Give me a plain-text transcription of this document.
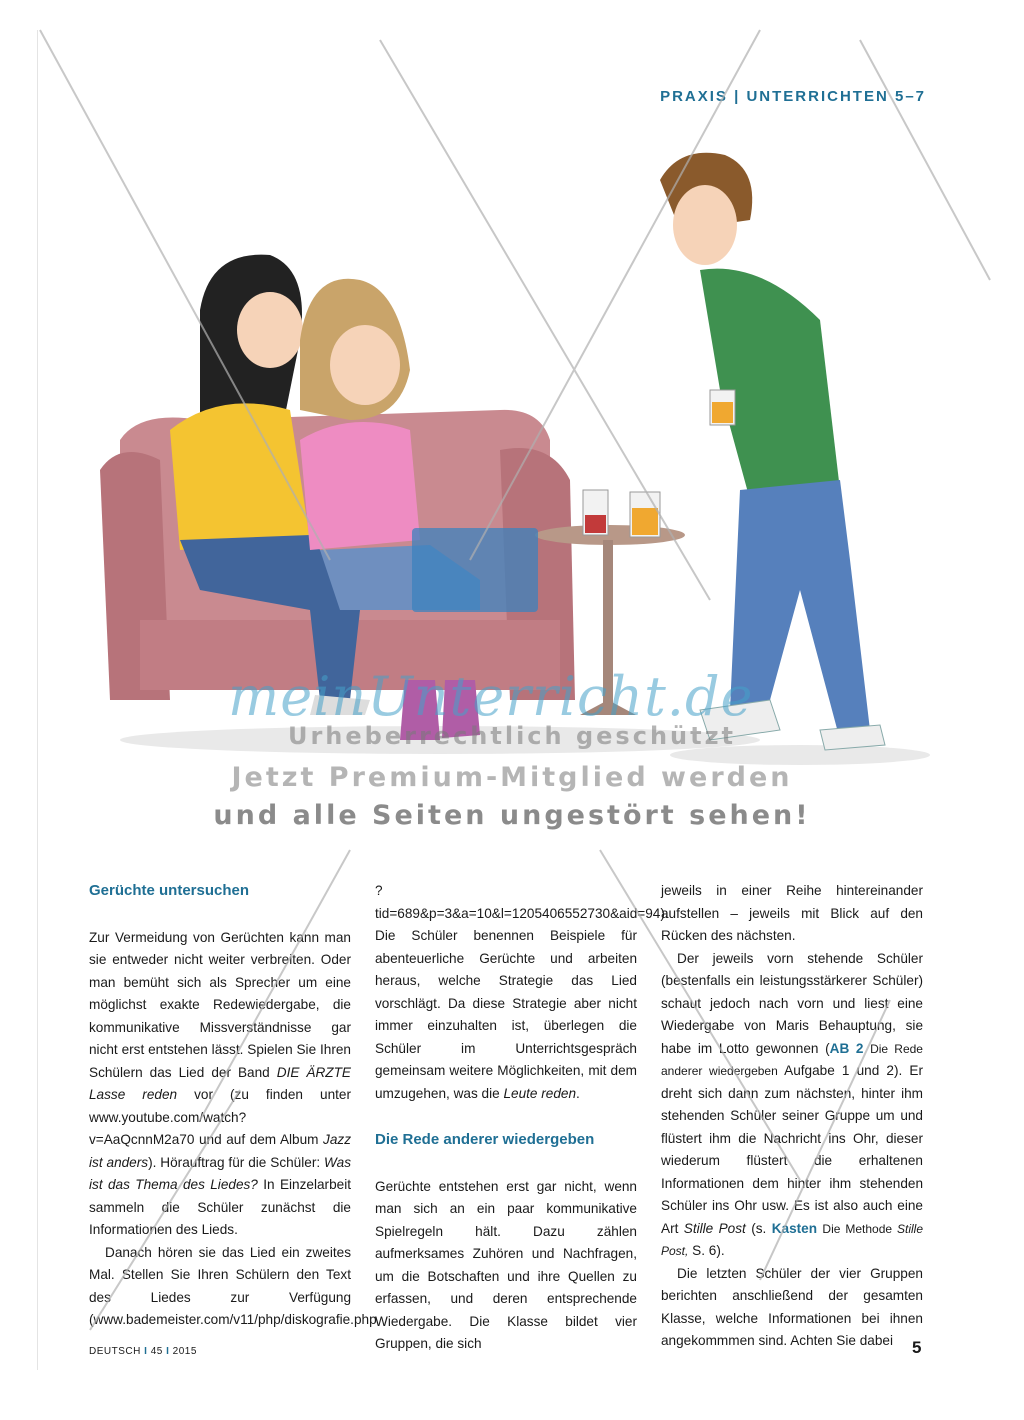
PRAXIS | UNTERRICHTEN 5–7
meinUnterricht.de
Urheberrechtlich geschützt
Jetzt Premium-Mitglied werden
und alle Seiten ungestört sehen!
Gerüchte untersuchen

Zur Vermeidung von Gerüchten kann man sie entweder nicht weiter verbreiten. Oder man bemüht sich als Sprecher um eine möglichst exakte Redewiedergabe, die kommunikative Missverständnisse gar nicht erst entstehen lässt. Spielen Sie Ihren Schülern das Lied der Band DIE ÄRZTE Lasse reden vor (zu finden unter www.youtube.com/watch?v=AaQcnnM2a70 und auf dem Album Jazz ist anders). Hörauftrag für die Schüler: Was ist das Thema des Liedes? In Einzelarbeit sammeln die Schüler zunächst die Informationen des Lieds.

Danach hören sie das Lied ein zweites Mal. Stellen Sie Ihren Schülern den Text des Liedes zur Verfügung (www.bademeister.com/v11/php/diskografie.php

?tid=689&p=3&a=10&l=1205406552730&aid=94). Die Schüler benennen Beispiele für abenteuerliche Gerüchte und arbeiten heraus, welche Strategie das Lied vorschlägt. Da diese Strategie aber nicht immer einzuhalten ist, überlegen die Schüler im Unterrichtsgespräch gemeinsam weitere Möglichkeiten, mit dem umzugehen, was die Leute reden.

Die Rede anderer wiedergeben

Gerüchte entstehen erst gar nicht, wenn man sich an ein paar kommunikative Spielregeln hält. Dazu zählen aufmerksames Zuhören und Nachfragen, um die Botschaften und ihre Quellen zu erfassen, und deren entsprechende Wiedergabe. Die Klasse bildet vier Gruppen, die sich

jeweils in einer Reihe hintereinander aufstellen – jeweils mit Blick auf den Rücken des nächsten.

Der jeweils vorn stehende Schüler (bestenfalls ein leistungsstärkerer Schüler) schaut jedoch nach vorn und liest eine Wiedergabe von Maris Behauptung, sie habe im Lotto gewonnen (AB 2 Die Rede anderer wiedergeben Aufgabe 1 und 2). Er dreht sich dann zum nächsten, hinter ihm stehenden Schüler seiner Gruppe um und flüstert ihm die Nachricht ins Ohr, dieser wiederum flüstert die erhaltenen Informationen dem hinter ihm stehenden Schüler ins Ohr usw. Es ist also auch eine Art Stille Post (s. Kasten Die Methode Stille Post, S. 6).

Die letzten Schüler der vier Gruppen berichten anschließend der gesamten Klasse, welche Informationen bei ihnen angekommmen sind. Achten Sie dabei

DEUTSCH I 45 I 2015	5
